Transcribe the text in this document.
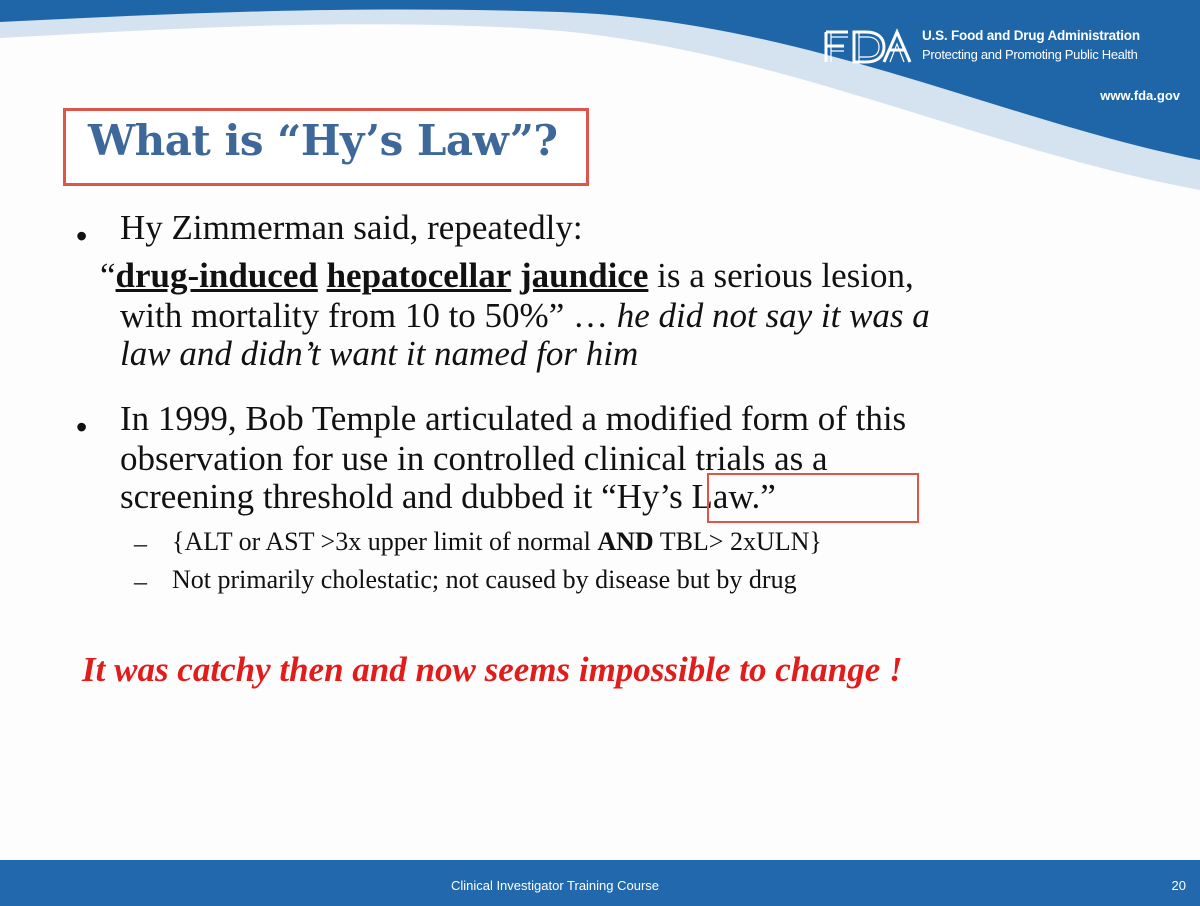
U.S. Food and Drug Administration
Protecting and Promoting Public Health
www.fda.gov
What is “Hy’s Law”?
• Hy Zimmerman said, repeatedly:
“drug-induced hepatocellar jaundice is a serious lesion,
with mortality from 10 to 50%” … he did not say it was a
law and didn’t want it named for him
• In 1999, Bob Temple articulated a modified form of this
observation for use in controlled clinical trials as a
screening threshold and dubbed it “Hy’s Law.”
– {ALT or AST >3x upper limit of normal AND TBL> 2xULN}
– Not primarily cholestatic; not caused by disease but by drug
It was catchy then and now seems impossible to change !
Clinical Investigator Training Course	20
